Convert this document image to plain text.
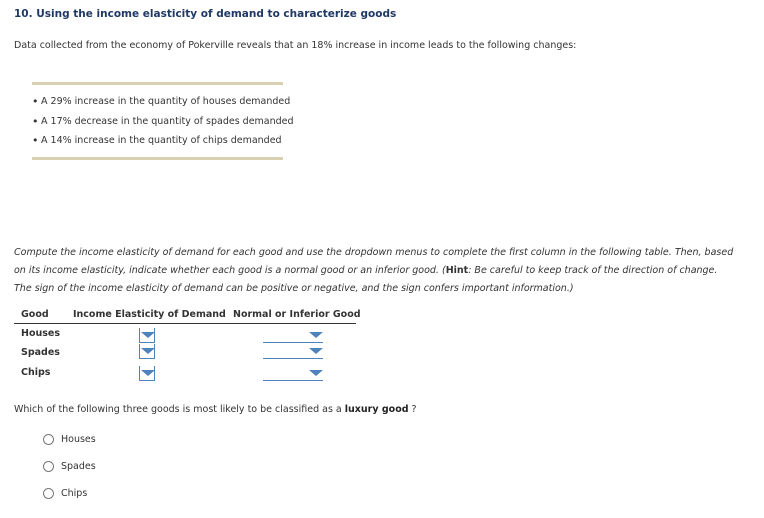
10. Using the income elasticity of demand to characterize goods
Data collected from the economy of Pokerville reveals that an 18% increase in income leads to the following changes:
• A 29% increase in the quantity of houses demanded
• A 17% decrease in the quantity of spades demanded
• A 14% increase in the quantity of chips demanded
Compute the income elasticity of demand for each good and use the dropdown menus to complete the first column in the following table. Then, based
on its income elasticity, indicate whether each good is a normal good or an inferior good. (Hint: Be careful to keep track of the direction of change.
The sign of the income elasticity of demand can be positive or negative, and the sign confers important information.)
Good	Income Elasticity of Demand Normal or Inferior Good
Houses
Spades
Chips
Which of the following three goods is most likely to be classified as a luxury good ?
Houses
Spades
Chips
